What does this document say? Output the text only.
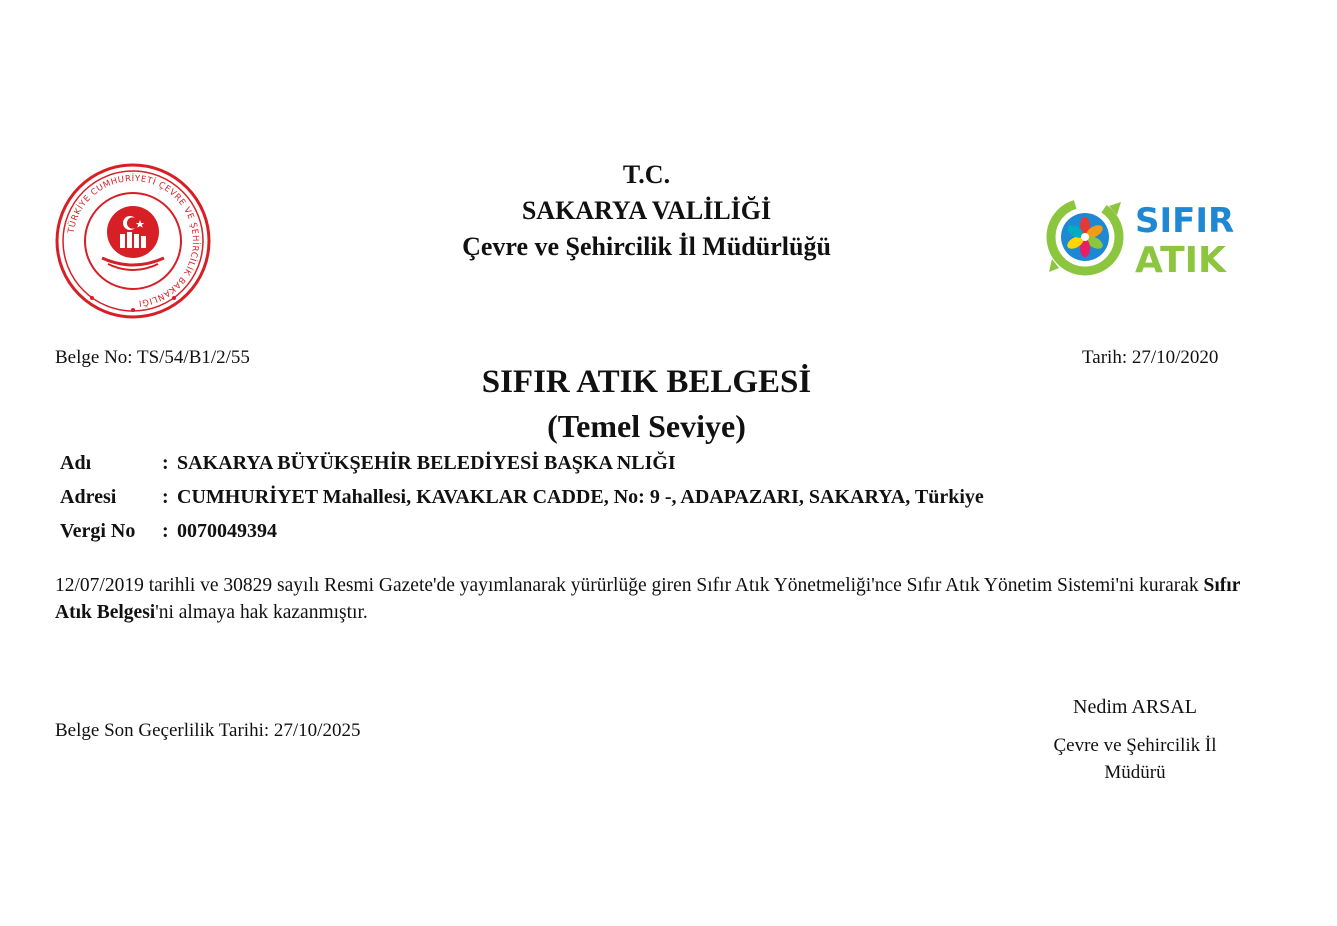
T.C.
SAKARYA VALİLİĞİ
Çevre ve Şehircilik İl Müdürlüğü
TÜRKİYE CUMHURİYETİ ÇEVRE VE ŞEHİRCİLİK BAKANLIĞI
SIFIR
ATIK
Belge No: TS/54/B1/2/55	Tarih: 27/10/2020
SIFIR ATIK BELGESİ
(Temel Seviye)
Adı	: SAKARYA BÜYÜKŞEHİR BELEDİYESİ BAŞKA NLIĞI
Adresi	: CUMHURİYET Mahallesi, KAVAKLAR CADDE, No: 9 -, ADAPAZARI, SAKARYA, Türkiye
Vergi No	: 0070049394
12/07/2019 tarihli ve 30829 sayılı Resmi Gazete'de yayımlanarak yürürlüğe giren Sıfır Atık Yönetmeliği'nce Sıfır Atık Yönetim Sistemi'ni kurarak Sıfır Atık Belgesi'ni almaya hak kazanmıştır.
Belge Son Geçerlilik Tarihi: 27/10/2025
Nedim ARSAL
Çevre ve Şehircilik İl
Müdürü
